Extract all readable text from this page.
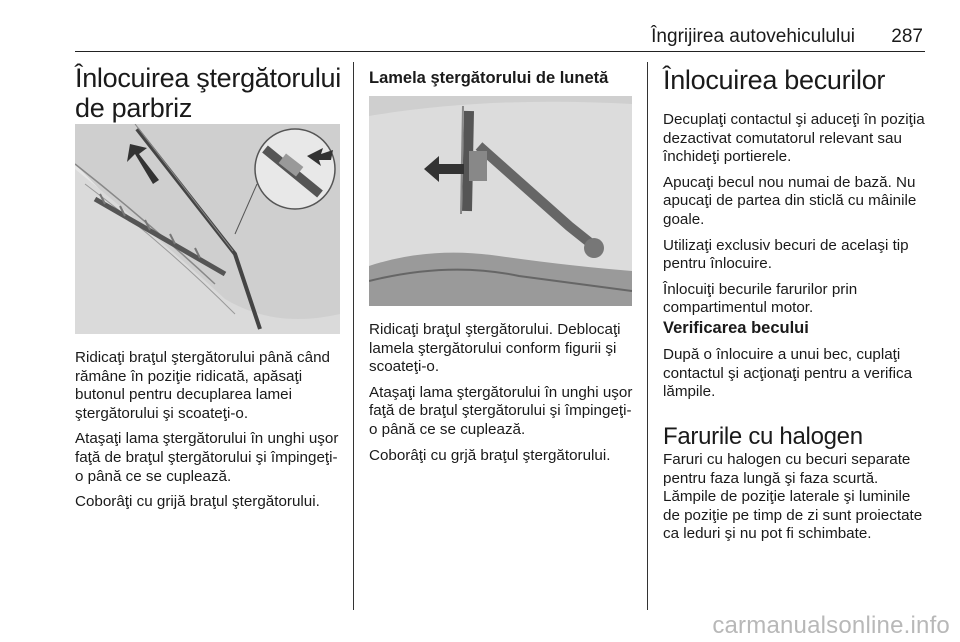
Îngrijirea autovehiculului 287
Înlocuirea ştergătorului de parbriz

Ridicaţi braţul ştergătorului până când rămâne în poziţie ridicată, apăsaţi butonul pentru decuplarea lamei ştergătorului şi scoateţi-o.

Ataşaţi lama ştergătorului în unghi uşor faţă de braţul ştergătorului şi împingeţi-o până ce se cuplează.

Coborâţi cu grijă braţul ştergătorului.

Lamela ştergătorului de lunetă

Ridicaţi braţul ştergătorului. Deblocaţi lamela ştergătorului conform figurii şi scoateţi-o.

Ataşaţi lama ştergătorului în unghi uşor faţă de braţul ştergătorului şi împingeţi-o până ce se cuplează.

Coborâţi cu grjă braţul ştergătorului.

Înlocuirea becurilor

Decuplaţi contactul şi aduceţi în poziţia dezactivat comutatorul relevant sau închideţi portierele.

Apucaţi becul nou numai de bază. Nu apucaţi de partea din sticlă cu mâinile goale.

Utilizaţi exclusiv becuri de acelaşi tip pentru înlocuire.

Înlocuiţi becurile farurilor prin compartimentul motor.

Verificarea becului

După o înlocuire a unui bec, cuplaţi contactul şi acţionaţi pentru a verifica lămpile.

Farurile cu halogen

Faruri cu halogen cu becuri separate pentru faza lungă şi faza scurtă. Lămpile de poziţie laterale şi luminile de poziţie pe timp de zi sunt proiectate ca leduri şi nu pot fi schimbate.

carmanualsonline.info
